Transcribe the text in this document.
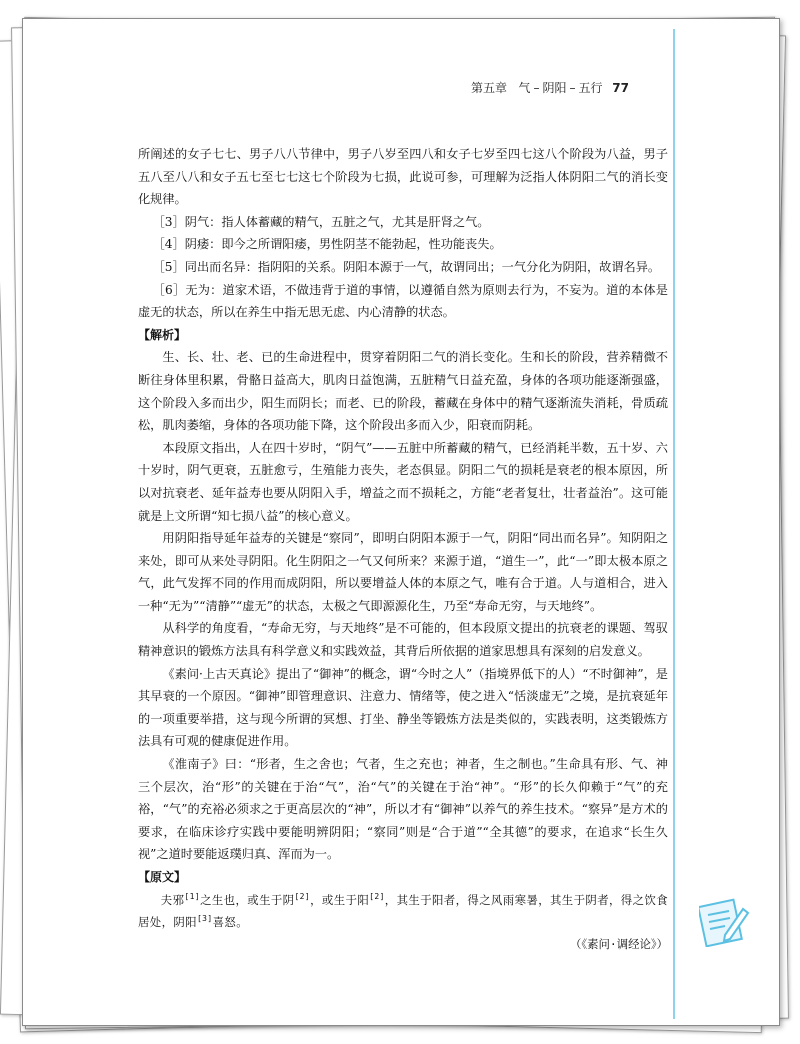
第五章 气 – 阴阳 – 五行 77

所阐述的女子七七、男子八八节律中，男子八岁至四八和女子七岁至四七这八个阶段为八益，男子五八至八八和女子五七至七七这七个阶段为七损，此说可参，可理解为泛指人体阴阳二气的消长变化规律。

［3］阴气：指人体蓄藏的精气，五脏之气，尤其是肝肾之气。

［4］阴痿：即今之所谓阳痿，男性阴茎不能勃起，性功能丧失。

［5］同出而名异：指阴阳的关系。阴阳本源于一气，故谓同出；一气分化为阴阳，故谓名异。

［6］无为：道家术语，不做违背于道的事情，以遵循自然为原则去行为，不妄为。道的本体是虚无的状态，所以在养生中指无思无虑、内心清静的状态。

【解析】

生、长、壮、老、已的生命进程中，贯穿着阴阳二气的消长变化。生和长的阶段，营养精微不断往身体里积累，骨骼日益高大，肌肉日益饱满，五脏精气日益充盈，身体的各项功能逐渐强盛，这个阶段入多而出少，阳生而阴长；而老、已的阶段，蓄藏在身体中的精气逐渐流失消耗，骨质疏松，肌肉萎缩，身体的各项功能下降，这个阶段出多而入少，阳衰而阴耗。

本段原文指出，人在四十岁时，“阴气”——五脏中所蓄藏的精气，已经消耗半数，五十岁、六十岁时，阴气更衰，五脏愈亏，生殖能力丧失，老态俱显。阴阳二气的损耗是衰老的根本原因，所以对抗衰老、延年益寿也要从阴阳入手，增益之而不损耗之，方能“老者复壮，壮者益治”。这可能就是上文所谓“知七损八益”的核心意义。

用阴阳指导延年益寿的关键是“察同”，即明白阴阳本源于一气，阴阳“同出而名异”。知阴阳之来处，即可从来处寻阴阳。化生阴阳之一气又何所来？来源于道，“道生一”，此“一”即太极本原之气，此气发挥不同的作用而成阴阳，所以要增益人体的本原之气，唯有合于道。人与道相合，进入一种“无为”“清静”“虚无”的状态，太极之气即源源化生，乃至“寿命无穷，与天地终”。

从科学的角度看，“寿命无穷，与天地终”是不可能的，但本段原文提出的抗衰老的课题、驾驭精神意识的锻炼方法具有科学意义和实践效益，其背后所依据的道家思想具有深刻的启发意义。

《素问·上古天真论》提出了“御神”的概念，谓“今时之人”（指境界低下的人）“不时御神”，是其早衰的一个原因。“御神”即管理意识、注意力、情绪等，使之进入“恬淡虚无”之境，是抗衰延年的一项重要举措，这与现今所谓的冥想、打坐、静坐等锻炼方法是类似的，实践表明，这类锻炼方法具有可观的健康促进作用。

《淮南子》曰：“形者，生之舍也；气者，生之充也；神者，生之制也。”生命具有形、气、神三个层次，治“形”的关键在于治“气”，治“气”的关键在于治“神”。“形”的长久仰赖于“气”的充裕，“气”的充裕必须求之于更高层次的“神”，所以才有“御神”以养气的养生技术。“察异”是方术的要求，在临床诊疗实践中要能明辨阴阳；“察同”则是“合于道”“全其德”的要求，在追求“长生久视”之道时要能返璞归真、浑而为一。

【原文】

夫邪[1]之生也，或生于阴[2]，或生于阳[2]，其生于阳者，得之风雨寒暑，其生于阴者，得之饮食居处，阴阳[3]喜怒。

（《素问·调经论》）
